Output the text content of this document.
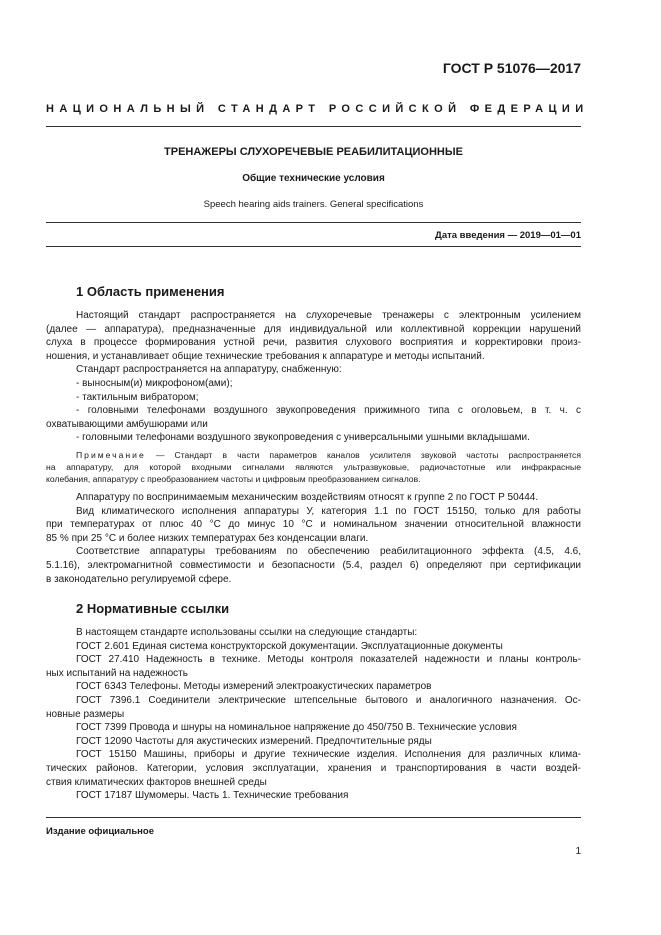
ГОСТ Р 51076—2017
НАЦИОНАЛЬНЫЙ СТАНДАРТ РОССИЙСКОЙ ФЕДЕРАЦИИ
ТРЕНАЖЕРЫ СЛУХОРЕЧЕВЫЕ РЕАБИЛИТАЦИОННЫЕ
Общие технические условия
Speech hearing aids trainers. General specifications
Дата введения — 2019—01—01
1 Область применения

Настоящий стандарт распространяется на слухоречевые тренажеры с электронным усилением

(далее — аппаратура), предназначенные для индивидуальной или коллективной коррекции нарушений

слуха в процессе формирования устной речи, развития слухового восприятия и корректировки произ-

ношения, и устанавливает общие технические требования к аппаратуре и методы испытаний.

Стандарт распространяется на аппаратуру, снабженную:

- выносным(и) микрофоном(ами);

- тактильным вибратором;

- головными телефонами воздушного звукопроведения прижимного типа с оголовьем, в т. ч. с

охватывающими амбушюрами или

- головными телефонами воздушного звукопроведения с универсальными ушными вкладышами.

Примечание — Стандарт в части параметров каналов усилителя звуковой частоты распространяется

на аппаратуру, для которой входными сигналами являются ультразвуковые, радиочастотные или инфракрасные

колебания, аппаратуру с преобразованием частоты и цифровым преобразованием сигналов.

Аппаратуру по воспринимаемым механическим воздействиям относят к группе 2 по ГОСТ Р 50444.

Вид климатического исполнения аппаратуры У, категория 1.1 по ГОСТ 15150, только для работы

при температурах от плюс 40 °С до минус 10 °С и номинальном значении относительной влажности

85 % при 25 °С и более низких температурах без конденсации влаги.

Соответствие аппаратуры требованиям по обеспечению реабилитационного эффекта (4.5, 4.6,

5.1.16), электромагнитной совместимости и безопасности (5.4, раздел 6) определяют при сертификации

в законодательно регулируемой сфере.

2 Нормативные ссылки

В настоящем стандарте использованы ссылки на следующие стандарты:

ГОСТ 2.601 Единая система конструкторской документации. Эксплуатационные документы

ГОСТ 27.410 Надежность в технике. Методы контроля показателей надежности и планы контроль-

ных испытаний на надежность

ГОСТ 6343 Телефоны. Методы измерений электроакустических параметров

ГОСТ 7396.1 Соединители электрические штепсельные бытового и аналогичного назначения. Ос-

новные размеры

ГОСТ 7399 Провода и шнуры на номинальное напряжение до 450/750 В. Технические условия

ГОСТ 12090 Частоты для акустических измерений. Предпочтительные ряды

ГОСТ 15150 Машины, приборы и другие технические изделия. Исполнения для различных клима-

тических районов. Категории, условия эксплуатации, хранения и транспортирования в части воздей-

ствия климатических факторов внешней среды

ГОСТ 17187 Шумомеры. Часть 1. Технические требования

Издание официальное
1
